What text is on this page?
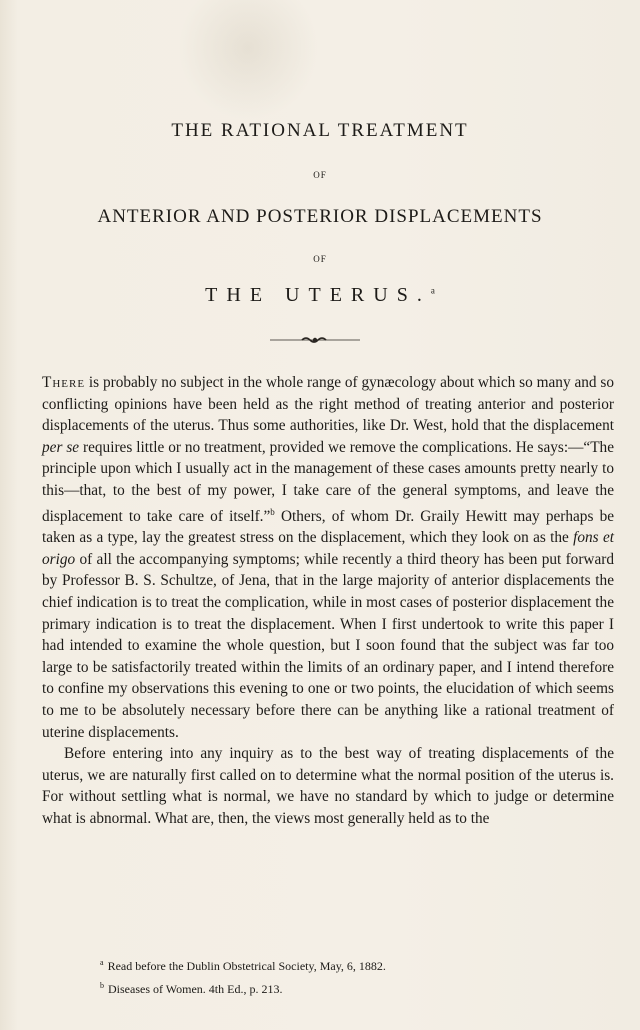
THE RATIONAL TREATMENT
OF
ANTERIOR AND POSTERIOR DISPLACEMENTS
OF
THE UTERUS.$^a$

There is probably no subject in the whole range of gynæcology about which so many and so conflicting opinions have been held as the right method of treating anterior and posterior displacements of the uterus. Thus some authorities, like Dr. West, hold that the displacement per se requires little or no treatment, provided we remove the complications. He says:—“The principle upon which I usually act in the management of these cases amounts pretty nearly to this—that, to the best of my power, I take care of the general symptoms, and leave the displacement to take care of itself.”$^b$ Others, of whom Dr. Graily Hewitt may perhaps be taken as a type, lay the greatest stress on the displacement, which they look on as the fons et origo of all the accompanying symptoms; while recently a third theory has been put forward by Professor B. S. Schultze, of Jena, that in the large majority of anterior displacements the chief indication is to treat the complication, while in most cases of posterior displacement the primary indication is to treat the displacement. When I first undertook to write this paper I had intended to examine the whole question, but I soon found that the subject was far too large to be satisfactorily treated within the limits of an ordinary paper, and I intend therefore to confine my observations this evening to one or two points, the elucidation of which seems to me to be absolutely necessary before there can be anything like a rational treatment of uterine displacements.

Before entering into any inquiry as to the best way of treating displacements of the uterus, we are naturally first called on to determine what the normal position of the uterus is. For without settling what is normal, we have no standard by which to judge or determine what is abnormal. What are, then, the views most generally held as to the

$^a$ Read before the Dublin Obstetrical Society, May, 6, 1882.
$^b$ Diseases of Women. 4th Ed., p. 213.
